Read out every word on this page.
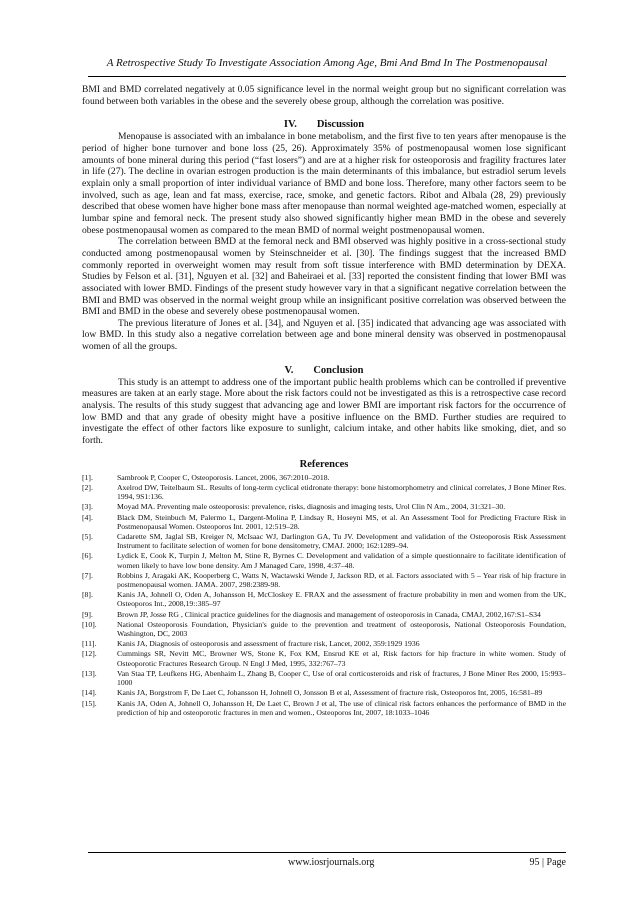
A Retrospective Study To Investigate Association Among Age, Bmi And Bmd In The Postmenopausal

BMI and BMD correlated negatively at 0.05 significance level in the normal weight group but no significant correlation was found between both variables in the obese and the severely obese group, although the correlation was positive.

IV. Discussion

Menopause is associated with an imbalance in bone metabolism, and the first five to ten years after menopause is the period of higher bone turnover and bone loss (25, 26). Approximately 35% of postmenopausal women lose significant amounts of bone mineral during this period (“fast losers”) and are at a higher risk for osteoporosis and fragility fractures later in life (27). The decline in ovarian estrogen production is the main determinants of this imbalance, but estradiol serum levels explain only a small proportion of inter individual variance of BMD and bone loss. Therefore, many other factors seem to be involved, such as age, lean and fat mass, exercise, race, smoke, and genetic factors. Ribot and Albala (28, 29) previously described that obese women have higher bone mass after menopause than normal weighted age-matched women, especially at lumbar spine and femoral neck. The present study also showed significantly higher mean BMD in the obese and severely obese postmenopausal women as compared to the mean BMD of normal weight postmenopausal women.

The correlation between BMD at the femoral neck and BMI observed was highly positive in a cross-sectional study conducted among postmenopausal women by Steinschneider et al. [30]. The findings suggest that the increased BMD commonly reported in overweight women may result from soft tissue interference with BMD determination by DEXA. Studies by Felson et al. [31], Nguyen et al. [32] and Baheiraei et al. [33] reported the consistent finding that lower BMI was associated with lower BMD. Findings of the present study however vary in that a significant negative correlation between the BMI and BMD was observed in the normal weight group while an insignificant positive correlation was observed between the BMI and BMD in the obese and severely obese postmenopausal women.

The previous literature of Jones et al. [34], and Nguyen et al. [35] indicated that advancing age was associated with low BMD. In this study also a negative correlation between age and bone mineral density was observed in postmenopausal women of all the groups.

V. Conclusion

This study is an attempt to address one of the important public health problems which can be controlled if preventive measures are taken at an early stage. More about the risk factors could not be investigated as this is a retrospective case record analysis. The results of this study suggest that advancing age and lower BMI are important risk factors for the occurrence of low BMD and that any grade of obesity might have a positive influence on the BMD. Further studies are required to investigate the effect of other factors like exposure to sunlight, calcium intake, and other habits like smoking, diet, and so forth.

References
[1].	Sambrook P, Cooper C, Osteoporosis. Lancet, 2006, 367:2010–2018.
[2].	Axelrod DW, Teitelbaum SL. Results of long-term cyclical etidronate therapy: bone histomorphometry and clinical correlates, J Bone Miner Res. 1994, 9S1:136.
[3].	Moyad MA. Preventing male osteoporosis: prevalence, risks, diagnosis and imaging tests, Urol Clin N Am., 2004, 31:321–30.
[4].	Black DM, Steinbuch M, Palermo L, Dargent-Molina P, Lindsay R, Hoseyni MS, et al. An Assessment Tool for Predicting Fracture Risk in Postmenopausal Women. Osteoporos Int. 2001, 12:519–28.
[5].	Cadarette SM, Jaglal SB, Kreiger N, McIsaac WJ, Darlington GA, Tu JV. Development and validation of the Osteoporosis Risk Assessment Instrument to facilitate selection of women for bone densitometry, CMAJ. 2000; 162:1289–94.
[6].	Lydick E, Cook K, Turpin J, Melton M, Stine R, Byrnes C. Development and validation of a simple questionnaire to facilitate identification of women likely to have low bone density. Am J Managed Care, 1998, 4:37–48.
[7].	Robbins J, Aragaki AK, Kooperberg C, Watts N, Wactawski Wende J, Jackson RD, et al. Factors associated with 5 – Year risk of hip fracture in postmenopausal women. JAMA. 2007, 298:2389-98.
[8].	Kanis JA, Johnell O, Oden A, Johansson H, McCloskey E. FRAX and the assessment of fracture probability in men and women from the UK, Osteoporos Int., 2008,19::385–97
[9].	Brown JP, Josse RG , Clinical practice guidelines for the diagnosis and management of osteoporosis in Canada, CMAJ, 2002,167:S1–S34
[10].	National Osteoporosis Foundation, Physician's guide to the prevention and treatment of osteoporosis, National Osteoporosis Foundation, Washington, DC, 2003
[11].	Kanis JA, Diagnosis of osteoporosis and assessment of fracture risk, Lancet, 2002, 359:1929 1936
[12].	Cummings SR, Nevitt MC, Browner WS, Stone K, Fox KM, Ensrud KE et al, Risk factors for hip fracture in white women. Study of Osteoporotic Fractures Research Group. N Engl J Med, 1995, 332:767–73
[13].	Van Staa TP, Leufkens HG, Abenhaim L, Zhang B, Cooper C, Use of oral corticosteroids and risk of fractures, J Bone Miner Res 2000, 15:993–1000
[14].	Kanis JA, Borgstrom F, De Laet C, Johansson H, Johnell O, Jonsson B et al, Assessment of fracture risk, Osteoporos Int, 2005, 16:581–89
[15].	Kanis JA, Oden A, Johnell O, Johansson H, De Laet C, Brown J et al, The use of clinical risk factors enhances the performance of BMD in the prediction of hip and osteoporotic fractures in men and women., Osteoporos Int, 2007, 18:1033–1046
www.iosrjournals.org	95 | Page
